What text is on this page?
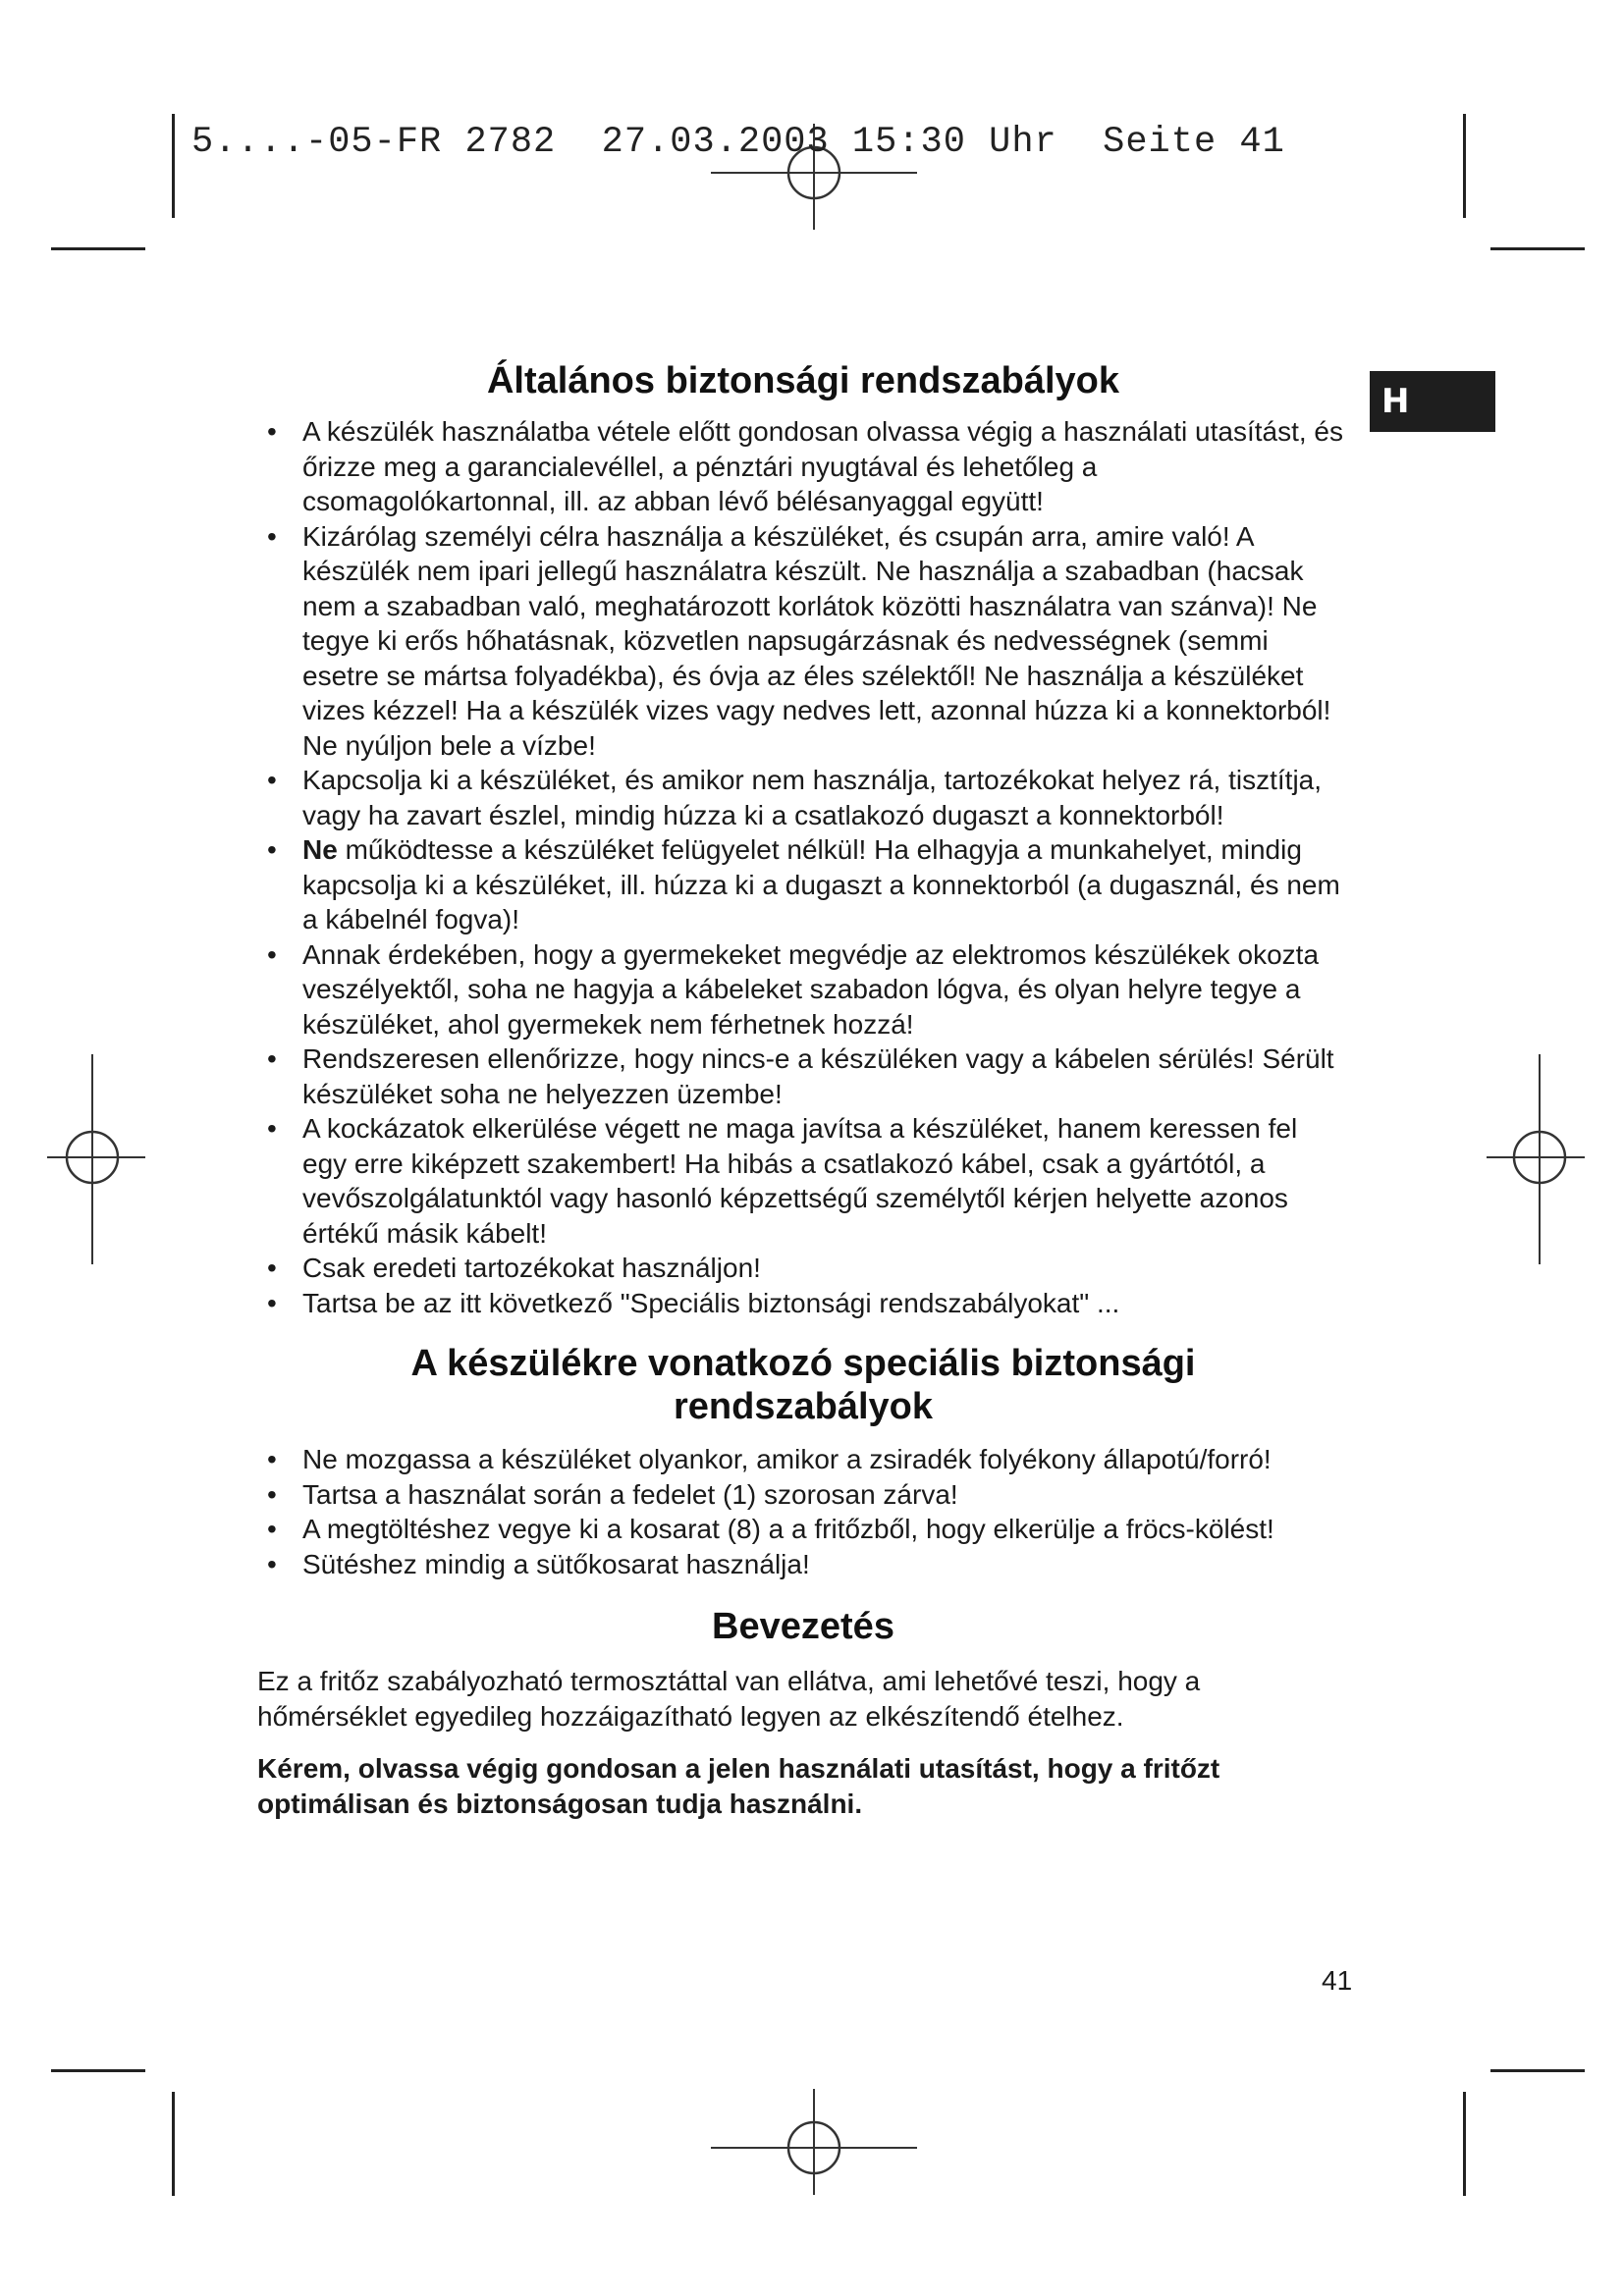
5....-05-FR 2782  27.03.2003 15:30 Uhr  Seite 41
H
Általános biztonsági rendszabályok
• A készülék használatba vétele előtt gondosan olvassa végig a használati utasítást, és őrizze meg a garancialevéllel, a pénztári nyugtával és lehetőleg a csomagolókartonnal, ill. az abban lévő bélésanyaggal együtt!
• Kizárólag személyi célra használja a készüléket, és csupán arra, amire való! A készülék nem ipari jellegű használatra készült. Ne használja a szabadban (hacsak nem a szabadban való, meghatározott korlátok közötti használatra van szánva)! Ne tegye ki erős hőhatásnak, közvetlen napsugárzásnak és nedvességnek (semmi esetre se mártsa folyadékba), és óvja az éles szélektől! Ne használja a készüléket vizes kézzel! Ha a készülék vizes vagy nedves lett, azonnal húzza ki a konnektorból! Ne nyúljon bele a vízbe!
• Kapcsolja ki a készüléket, és amikor nem használja, tartozékokat helyez rá, tisztítja, vagy ha zavart észlel, mindig húzza ki a csatlakozó dugaszt a konnektorból!
• Ne működtesse a készüléket felügyelet nélkül! Ha elhagyja a munkahelyet, mindig kapcsolja ki a készüléket, ill. húzza ki a dugaszt a konnektorból (a dugasznál, és nem a kábelnél fogva)!
• Annak érdekében, hogy a gyermekeket megvédje az elektromos készülékek okozta veszélyektől, soha ne hagyja a kábeleket szabadon lógva, és olyan helyre tegye a készüléket, ahol gyermekek nem férhetnek hozzá!
• Rendszeresen ellenőrizze, hogy nincs-e a készüléken vagy a kábelen sérülés! Sérült készüléket soha ne helyezzen üzembe!
• A kockázatok elkerülése végett ne maga javítsa a készüléket, hanem keressen fel egy erre kiképzett szakembert! Ha hibás a csatlakozó kábel, csak a gyártótól, a vevőszolgálatunktól vagy hasonló képzettségű személytől kérjen helyette azonos értékű másik kábelt!
• Csak eredeti tartozékokat használjon!
• Tartsa be az itt következő "Speciális biztonsági rendszabályokat" ...
A készülékre vonatkozó speciális biztonsági
rendszabályok
• Ne mozgassa a készüléket olyankor, amikor a zsiradék folyékony állapotú/forró!
• Tartsa a használat során a fedelet (1) szorosan zárva!
• A megtöltéshez vegye ki a kosarat (8) a a fritőzből, hogy elkerülje a fröcs-kölést!
• Sütéshez mindig a sütőkosarat használja!
Bevezetés

Ez a fritőz szabályozható termosztáttal van ellátva, ami lehetővé teszi, hogy a hőmérséklet egyedileg hozzáigazítható legyen az elkészítendő ételhez.

Kérem, olvassa végig gondosan a jelen használati utasítást, hogy a fritőzt optimálisan és biztonságosan tudja használni.

41
